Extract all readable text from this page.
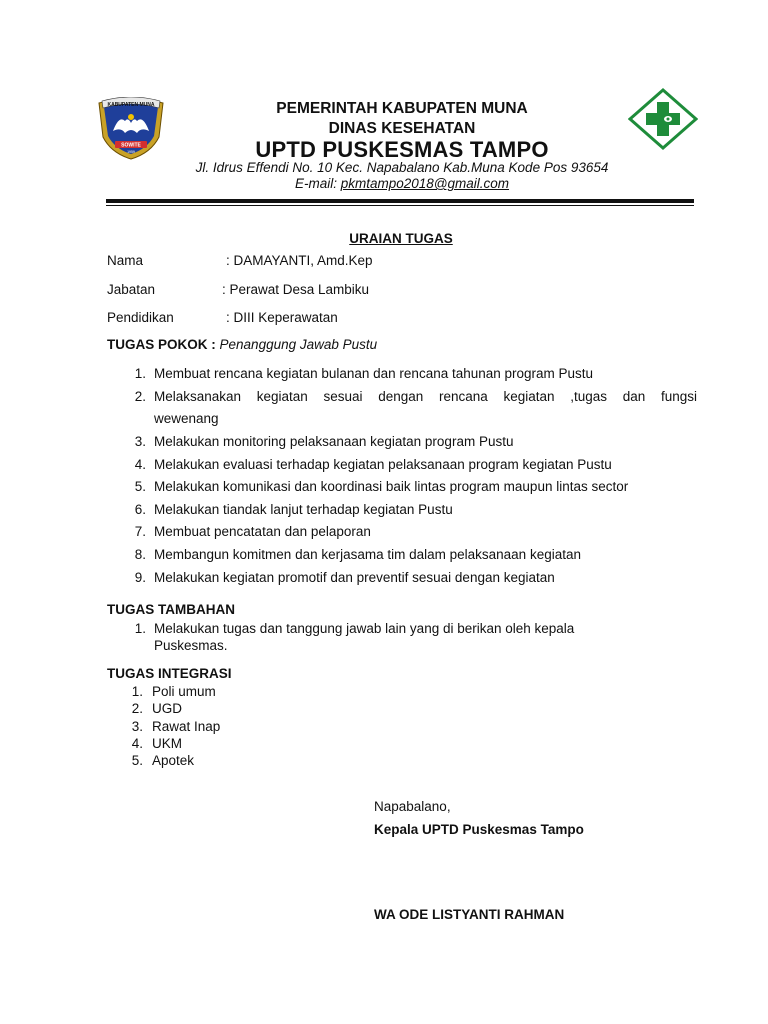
KABUPATEN MUNA
SOWITE
1959
PEMERINTAH KABUPATEN MUNA
DINAS KESEHATAN
UPTD PUSKESMAS TAMPO
Jl. Idrus Effendi No. 10 Kec. Napabalano Kab.Muna Kode Pos 93654
E-mail: pkmtampo2018@gmail.com
URAIAN TUGAS
Nama	: DAMAYANTI, Amd.Kep
Jabatan	: Perawat Desa Lambiku
Pendidikan	: DIII Keperawatan
TUGAS POKOK : Penanggung Jawab Pustu
1. Membuat rencana kegiatan bulanan dan rencana tahunan program Pustu
2. Melaksanakan kegiatan sesuai dengan rencana kegiatan ,tugas dan fungsi
wewenang
3. Melakukan monitoring pelaksanaan kegiatan program Pustu
4. Melakukan evaluasi terhadap kegiatan pelaksanaan program kegiatan Pustu
5. Melakukan komunikasi dan koordinasi baik lintas program maupun lintas sector
6. Melakukan tiandak lanjut terhadap kegiatan Pustu
7. Membuat pencatatan dan pelaporan
8. Membangun komitmen dan kerjasama tim dalam pelaksanaan kegiatan
9. Melakukan kegiatan promotif dan preventif sesuai dengan kegiatan
TUGAS TAMBAHAN
1. Melakukan tugas dan tanggung jawab lain yang di berikan oleh kepala
Puskesmas.
TUGAS INTEGRASI
1. Poli umum
2. UGD
3. Rawat Inap
4. UKM
5. Apotek
Napabalano,
Kepala UPTD Puskesmas Tampo
WA ODE LISTYANTI RAHMAN
